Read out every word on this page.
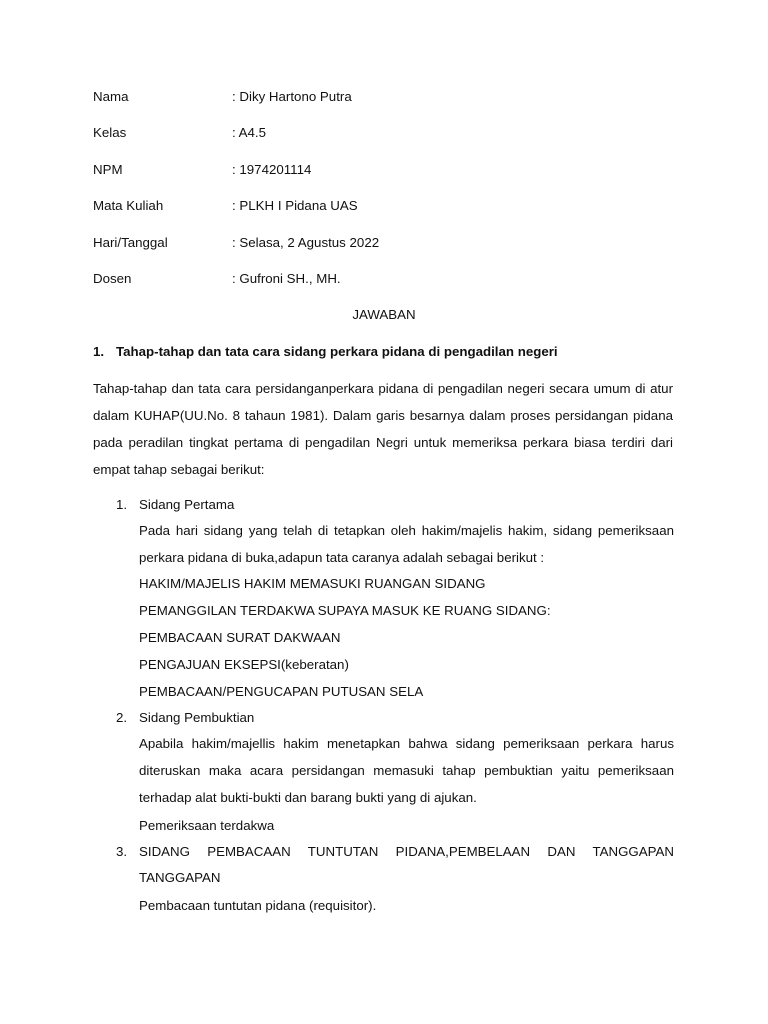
Nama	: Diky Hartono Putra
Kelas	: A4.5
NPM	: 1974201114
Mata Kuliah	: PLKH I Pidana UAS
Hari/Tanggal	: Selasa, 2 Agustus 2022
Dosen	: Gufroni SH., MH.
JAWABAN
1. Tahap-tahap dan tata cara sidang perkara pidana di pengadilan negeri
Tahap-tahap dan tata cara persidanganperkara pidana di pengadilan negeri secara umum di atur dalam KUHAP(UU.No. 8 tahaun 1981). Dalam garis besarnya dalam proses persidangan pidana pada peradilan tingkat pertama di pengadilan Negri untuk memeriksa perkara biasa terdiri dari empat tahap sebagai berikut:
1. Sidang Pertama
Pada hari sidang yang telah di tetapkan oleh hakim/majelis hakim, sidang pemeriksaan perkara pidana di buka,adapun tata caranya adalah sebagai berikut :
HAKIM/MAJELIS HAKIM MEMASUKI RUANGAN SIDANG
PEMANGGILAN TERDAKWA SUPAYA MASUK KE RUANG SIDANG:
PEMBACAAN SURAT DAKWAAN
PENGAJUAN EKSEPSI(keberatan)
PEMBACAAN/PENGUCAPAN PUTUSAN SELA
2. Sidang Pembuktian
Apabila hakim/majellis hakim menetapkan bahwa sidang pemeriksaan perkara harus diteruskan maka acara persidangan memasuki tahap pembuktian yaitu pemeriksaan terhadap alat bukti-bukti dan barang bukti yang di ajukan.
Pemeriksaan terdakwa
3. SIDANG PEMBACAAN TUNTUTAN PIDANA,PEMBELAAN DAN TANGGAPAN
TANGGAPAN
Pembacaan tuntutan pidana (requisitor).
